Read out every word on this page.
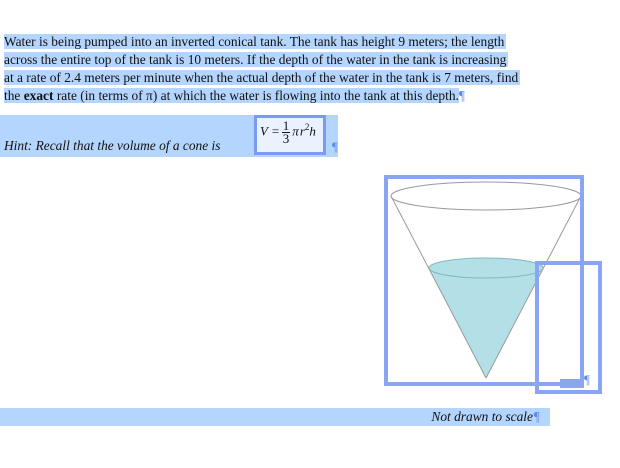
Water is being pumped into an inverted conical tank. The tank has height 9 meters; the length
across the entire top of the tank is 10 meters. If the depth of the water in the tank is increasing
at a rate of 2.4 meters per minute when the actual depth of the water in the tank is 7 meters, find
the exact rate (in terms of π) at which the water is flowing into the tank at this depth.¶
Hint: Recall that the volume of a cone is
$V = \frac{1}{3}$ π $r^2h$
¶
¶
Not drawn to scale¶
